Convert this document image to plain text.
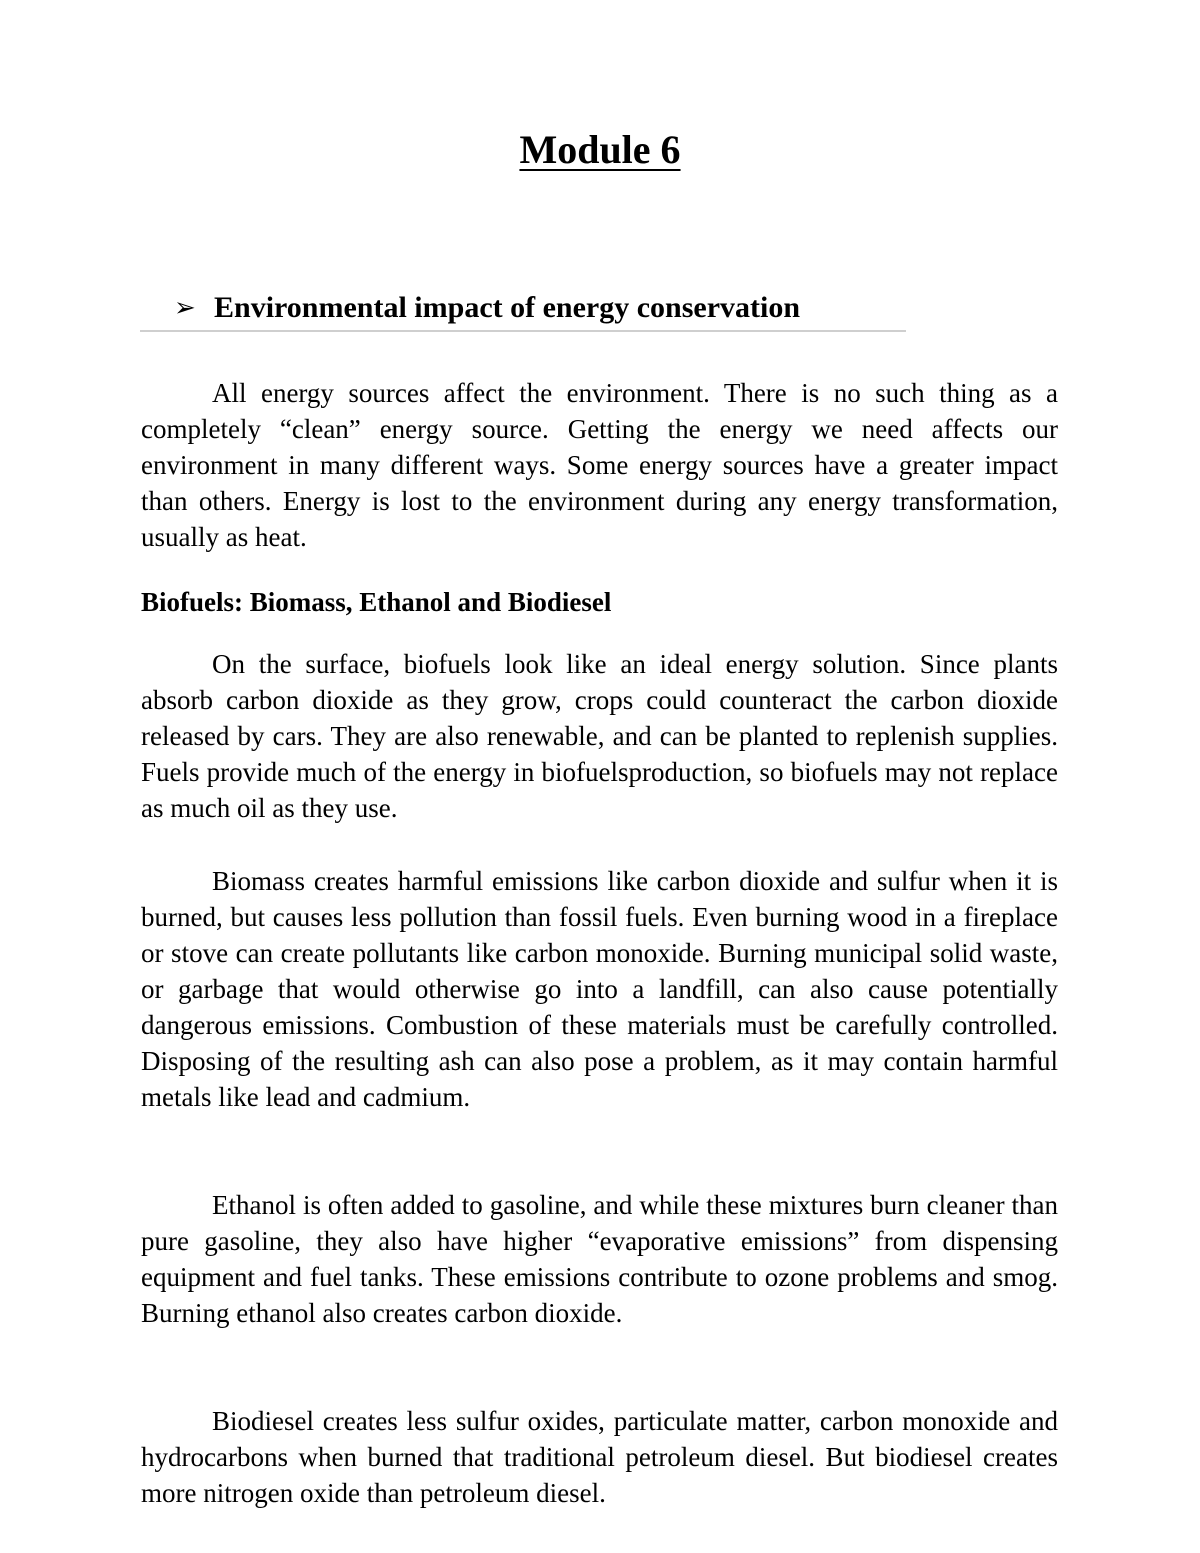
Module 6
➢ Environmental impact of energy conservation

All energy sources affect the environment. There is no such thing as a completely “clean” energy source. Getting the energy we need affects our environment in many different ways. Some energy sources have a greater impact than others. Energy is lost to the environment during any energy transformation, usually as heat.

Biofuels: Biomass, Ethanol and Biodiesel

On the surface, biofuels look like an ideal energy solution. Since plants absorb carbon dioxide as they grow, crops could counteract the carbon dioxide released by cars. They are also renewable, and can be planted to replenish supplies. Fuels provide much of the energy in biofuelsproduction, so biofuels may not replace as much oil as they use.

Biomass creates harmful emissions like carbon dioxide and sulfur when it is burned, but causes less pollution than fossil fuels. Even burning wood in a fireplace or stove can create pollutants like carbon monoxide. Burning municipal solid waste, or garbage that would otherwise go into a landfill, can also cause potentially dangerous emissions. Combustion of these materials must be carefully controlled. Disposing of the resulting ash can also pose a problem, as it may contain harmful metals like lead and cadmium.

Ethanol is often added to gasoline, and while these mixtures burn cleaner than pure gasoline, they also have higher “evaporative emissions” from dispensing equipment and fuel tanks. These emissions contribute to ozone problems and smog. Burning ethanol also creates carbon dioxide.

Biodiesel creates less sulfur oxides, particulate matter, carbon monoxide and hydrocarbons when burned that traditional petroleum diesel. But biodiesel creates more nitrogen oxide than petroleum diesel.
